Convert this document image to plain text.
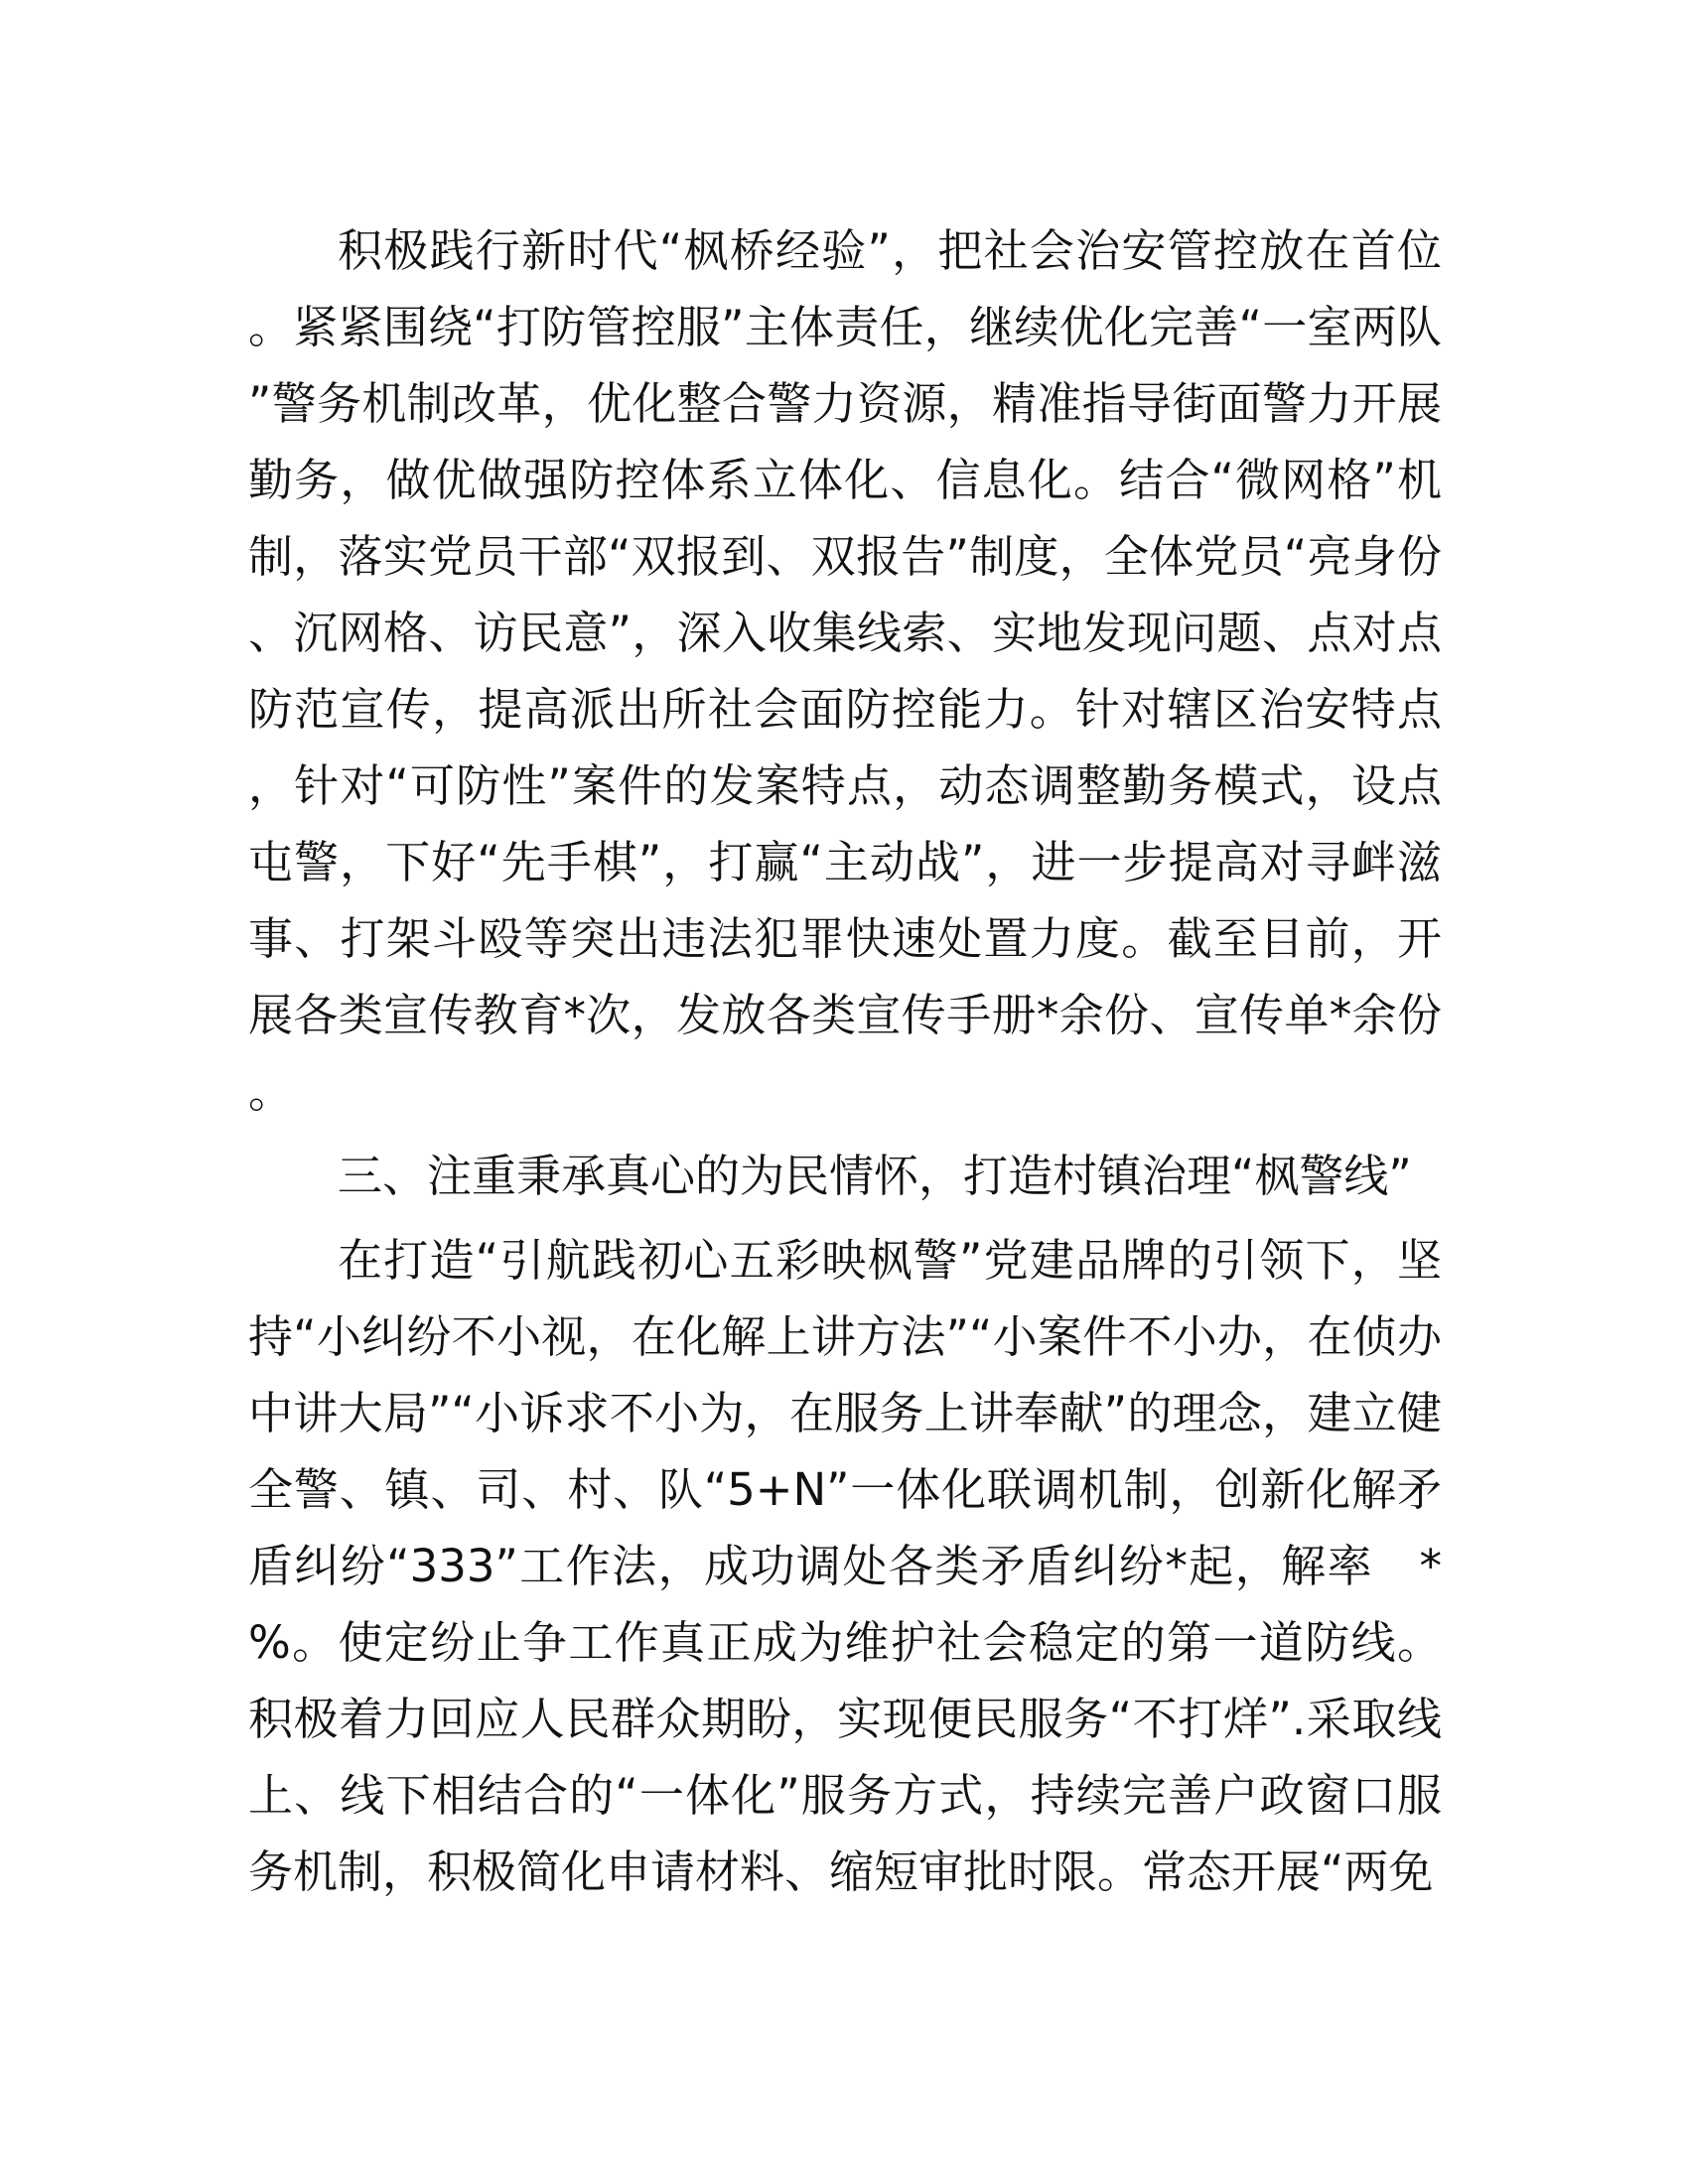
积极践行新时代“枫桥经验”，把社会治安管控放在首位。紧紧围绕“打防管控服”主体责任，继续优化完善“一室两队”警务机制改革，优化整合警力资源，精准指导街面警力开展勤务，做优做强防控体系立体化、信息化。结合“微网格”机制，落实党员干部“双报到、双报告”制度，全体党员“亮身份、沉网格、访民意”，深入收集线索、实地发现问题、点对点防范宣传，提高派出所社会面防控能力。针对辖区治安特点，针对“可防性”案件的发案特点，动态调整勤务模式，设点屯警，下好“先手棋”，打赢“主动战”，进一步提高对寻衅滋事、打架斗殴等突出违法犯罪快速处置力度。截至目前，开展各类宣传教育*次，发放各类宣传手册*余份、宣传单*余份。

三、注重秉承真心的为民情怀，打造村镇治理“枫警线”

在打造“引航践初心五彩映枫警”党建品牌的引领下，坚持“小纠纷不小视，在化解上讲方法”“小案件不小办，在侦办中讲大局”“小诉求不小为，在服务上讲奉献”的理念，建立健全警、镇、司、村、队“5+N”一体化联调机制，创新化解矛盾纠纷“333”工作法，成功调处各类矛盾纠纷*起，解率　*%。使定纷止争工作真正成为维护社会稳定的第一道防线。积极着力回应人民群众期盼，实现便民服务“不打烊”.采取线上、线下相结合的“一体化”服务方式，持续完善户政窗口服务机制，积极简化申请材料、缩短审批时限。常态开展“两免
